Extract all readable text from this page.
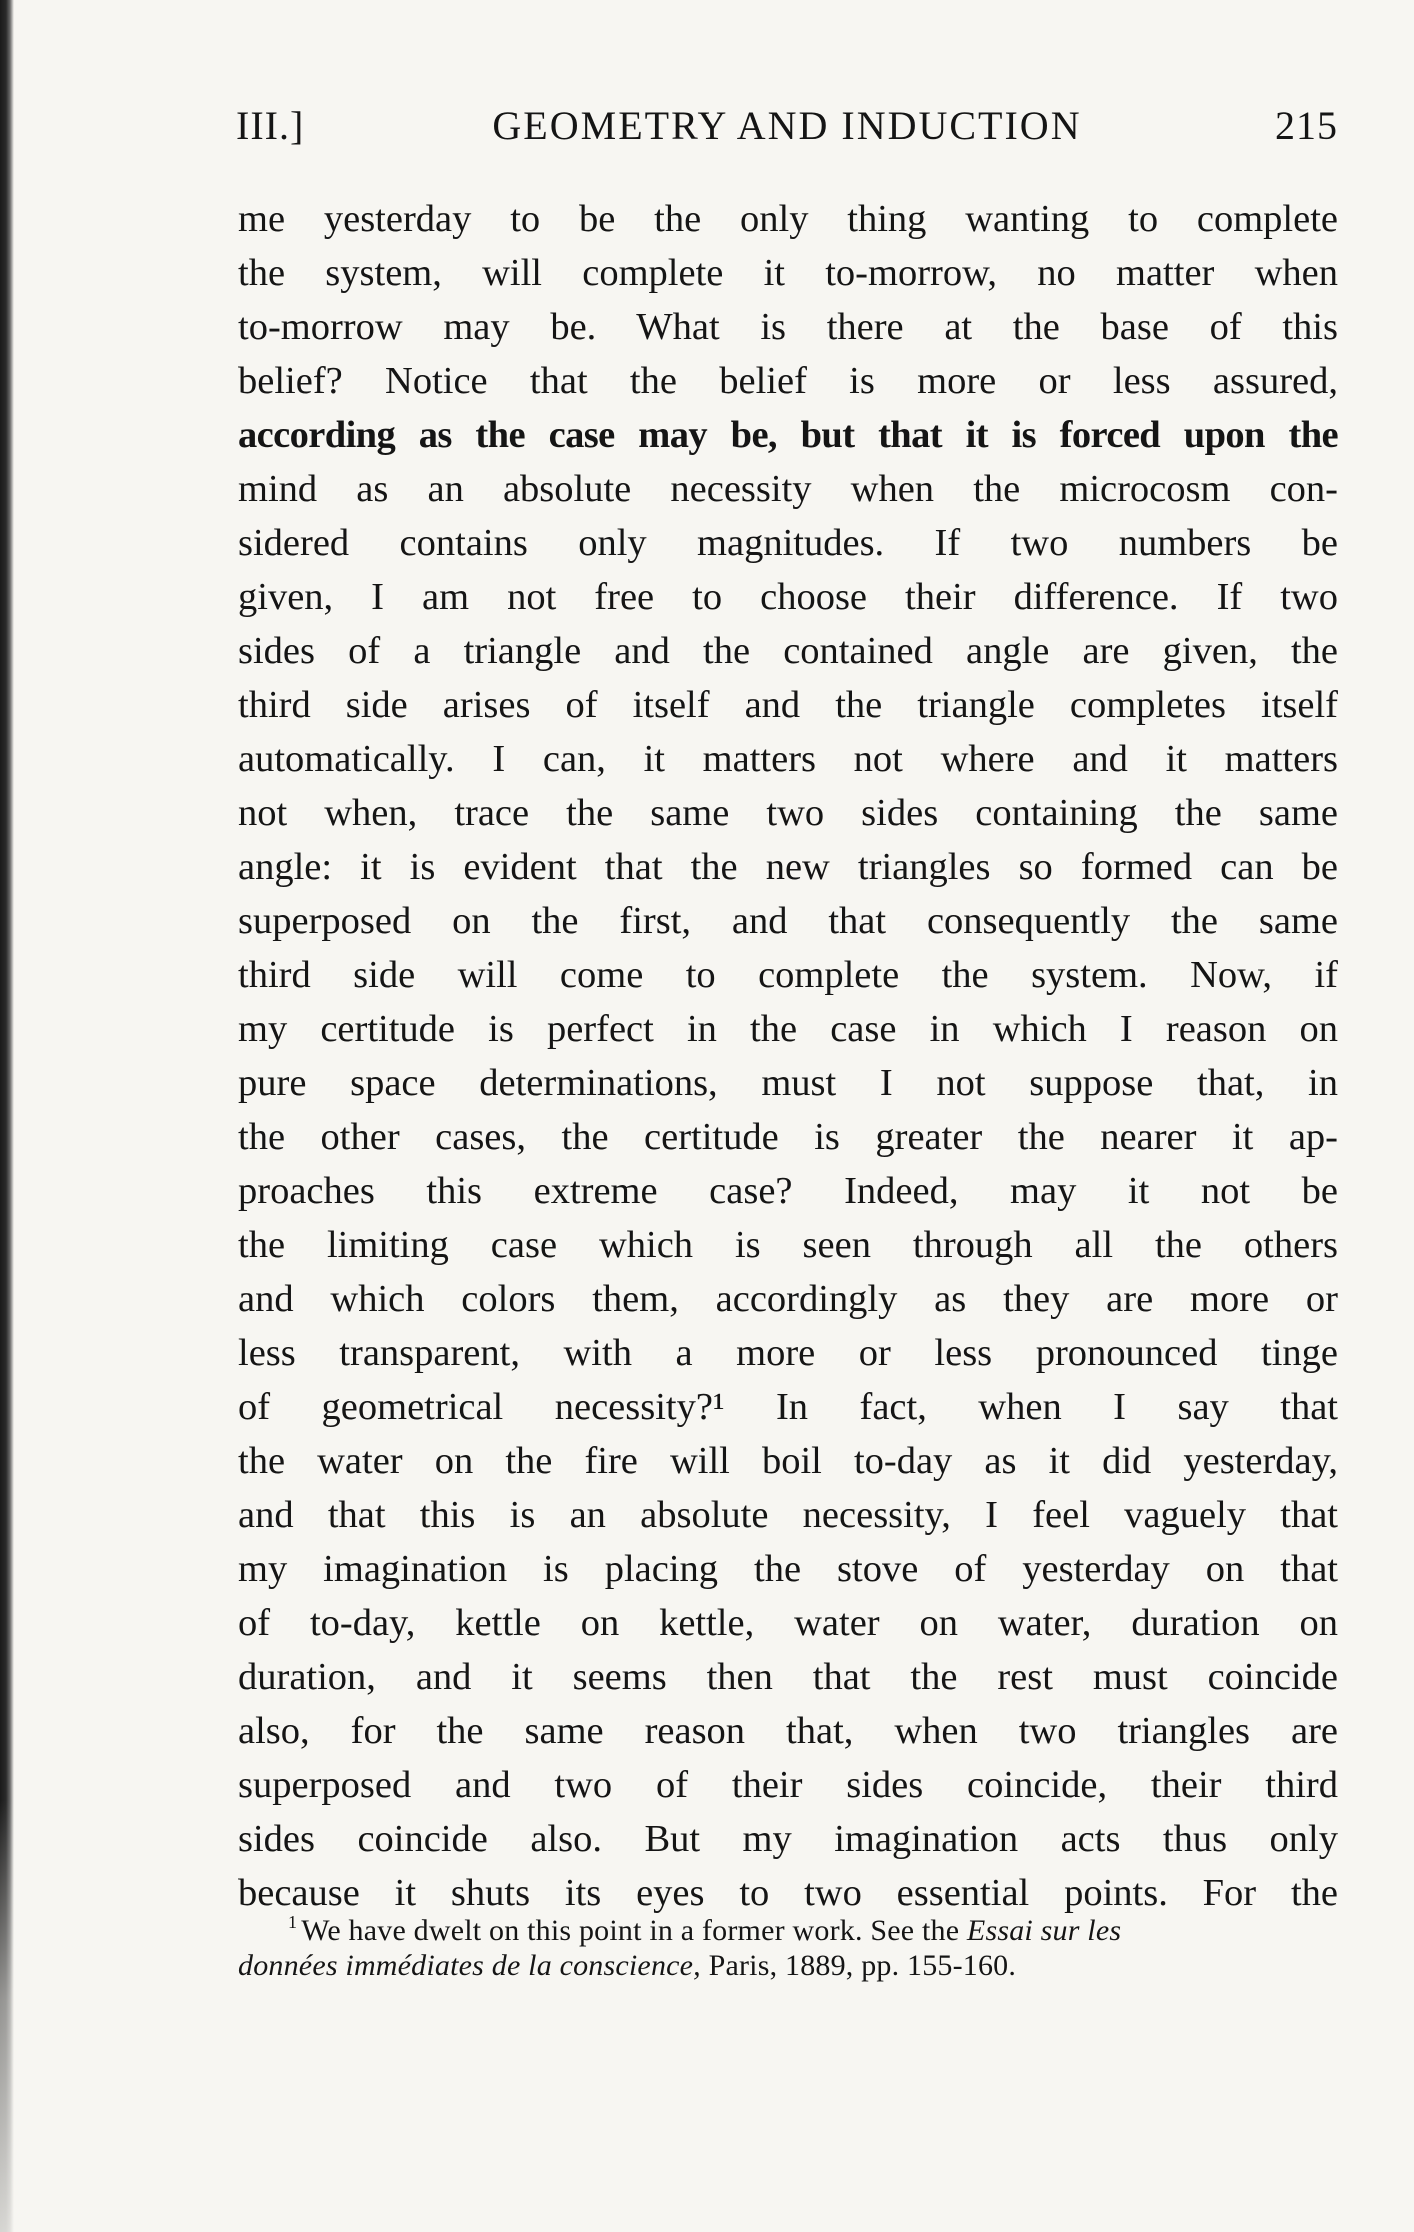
III.]	GEOMETRY AND INDUCTION	215
me yesterday to be the only thing wanting to complete
the system, will complete it to-morrow, no matter when
to-morrow may be. What is there at the base of this
belief? Notice that the belief is more or less assured,
according as the case may be, but that it is forced upon the
mind as an absolute necessity when the microcosm con-
sidered contains only magnitudes. If two numbers be
given, I am not free to choose their difference. If two
sides of a triangle and the contained angle are given, the
third side arises of itself and the triangle completes itself
automatically. I can, it matters not where and it matters
not when, trace the same two sides containing the same
angle: it is evident that the new triangles so formed can be
superposed on the first, and that consequently the same
third side will come to complete the system. Now, if
my certitude is perfect in the case in which I reason on
pure space determinations, must I not suppose that, in
the other cases, the certitude is greater the nearer it ap-
proaches this extreme case? Indeed, may it not be
the limiting case which is seen through all the others
and which colors them, accordingly as they are more or
less transparent, with a more or less pronounced tinge
of geometrical necessity?¹ In fact, when I say that
the water on the fire will boil to-day as it did yesterday,
and that this is an absolute necessity, I feel vaguely that
my imagination is placing the stove of yesterday on that
of to-day, kettle on kettle, water on water, duration on
duration, and it seems then that the rest must coincide
also, for the same reason that, when two triangles are
superposed and two of their sides coincide, their third
sides coincide also. But my imagination acts thus only
because it shuts its eyes to two essential points. For the
$^1$ We have dwelt on this point in a former work. See the Essai sur les
données immédiates de la conscience, Paris, 1889, pp. 155-160.
